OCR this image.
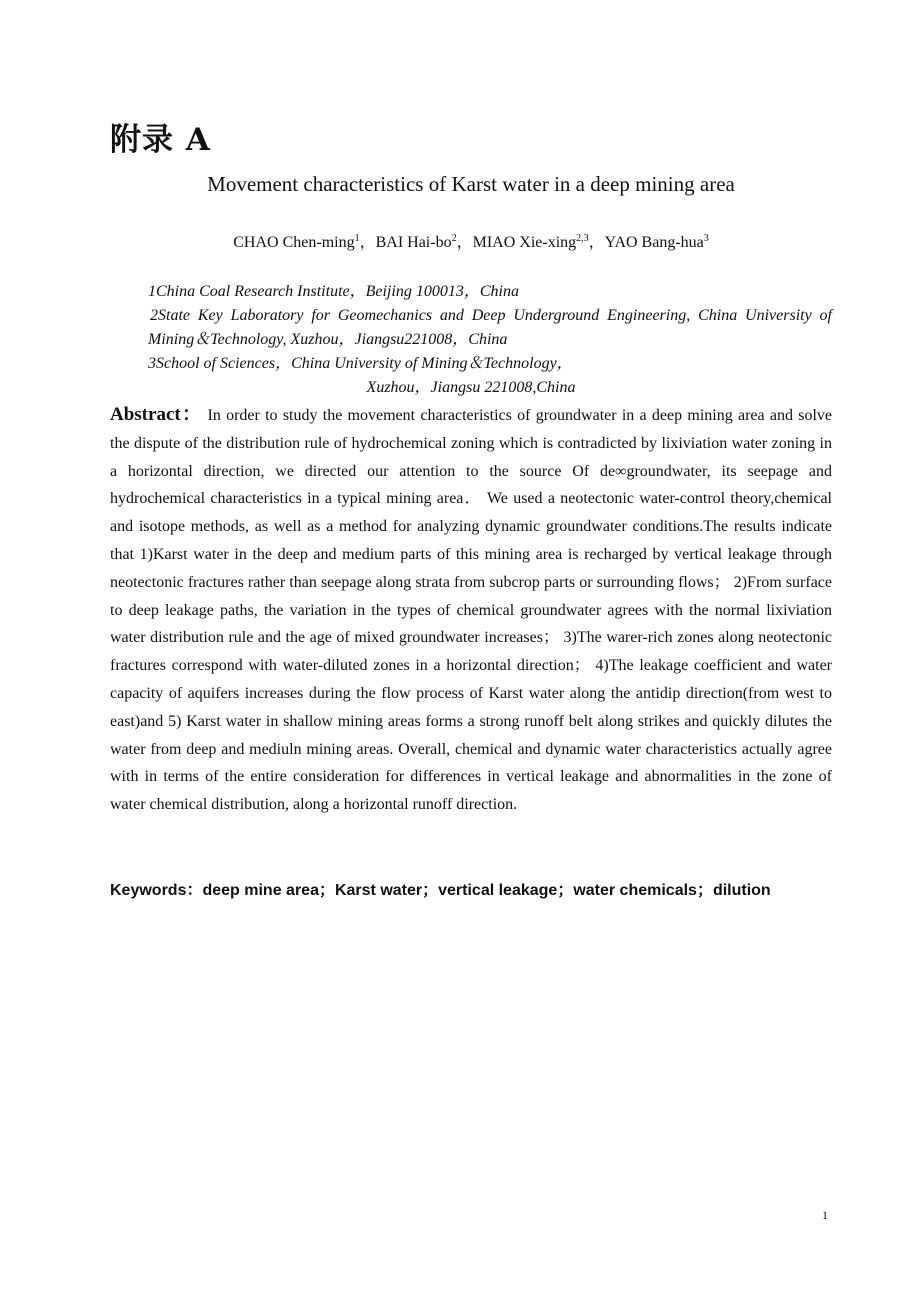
附录 A
Movement characteristics of Karst water in a deep mining area
CHAO Chen-ming$^1$，BAI Hai-$bo^2$，MIAO Xie-xing$^{2,3}$，YAO Bang-hua$^3$
1China Coal Research Institute，Beijing 100013，China
2State Key Laboratory for Geomechanics and Deep Underground Engineering, China University of Mining＆Technology, Xuzhou，Jiangsu221008，China
3School of Sciences，China University of Mining＆Technology，
Xuzhou，Jiangsu 221008,China
Abstract： In order to study the movement characteristics of groundwater in a deep mining area and solve the dispute of the distribution rule of hydrochemical zoning which is contradicted by lixiviation water zoning in a horizontal direction, we directed our attention to the source Of de∞groundwater, its seepage and hydrochemical characteristics in a typical mining area． We used a neotectonic water-control theory,chemical and isotope methods, as well as a method for analyzing dynamic groundwater conditions.The results indicate that 1)Karst water in the deep and medium parts of this mining area is recharged by vertical leakage through neotectonic fractures rather than seepage along strata from subcrop parts or surrounding flows； 2)From surface to deep leakage paths, the variation in the types of chemical groundwater agrees with the normal lixiviation water distribution rule and the age of mixed groundwater increases； 3)The warer-rich zones along neotectonic fractures correspond with water-diluted zones in a horizontal direction； 4)The leakage coefficient and water capacity of aquifers increases during the flow process of Karst water along the antidip direction(from west to east)and 5) Karst water in shallow mining areas forms a strong runoff belt along strikes and quickly dilutes the water from deep and mediuln mining areas. Overall, chemical and dynamic water characteristics actually agree with in terms of the entire consideration for differences in vertical leakage and abnormalities in the zone of water chemical distribution, along a horizontal runoff direction.
Keywords：deep mine area；Karst water；vertical leakage；water chemicals；dilution
1
